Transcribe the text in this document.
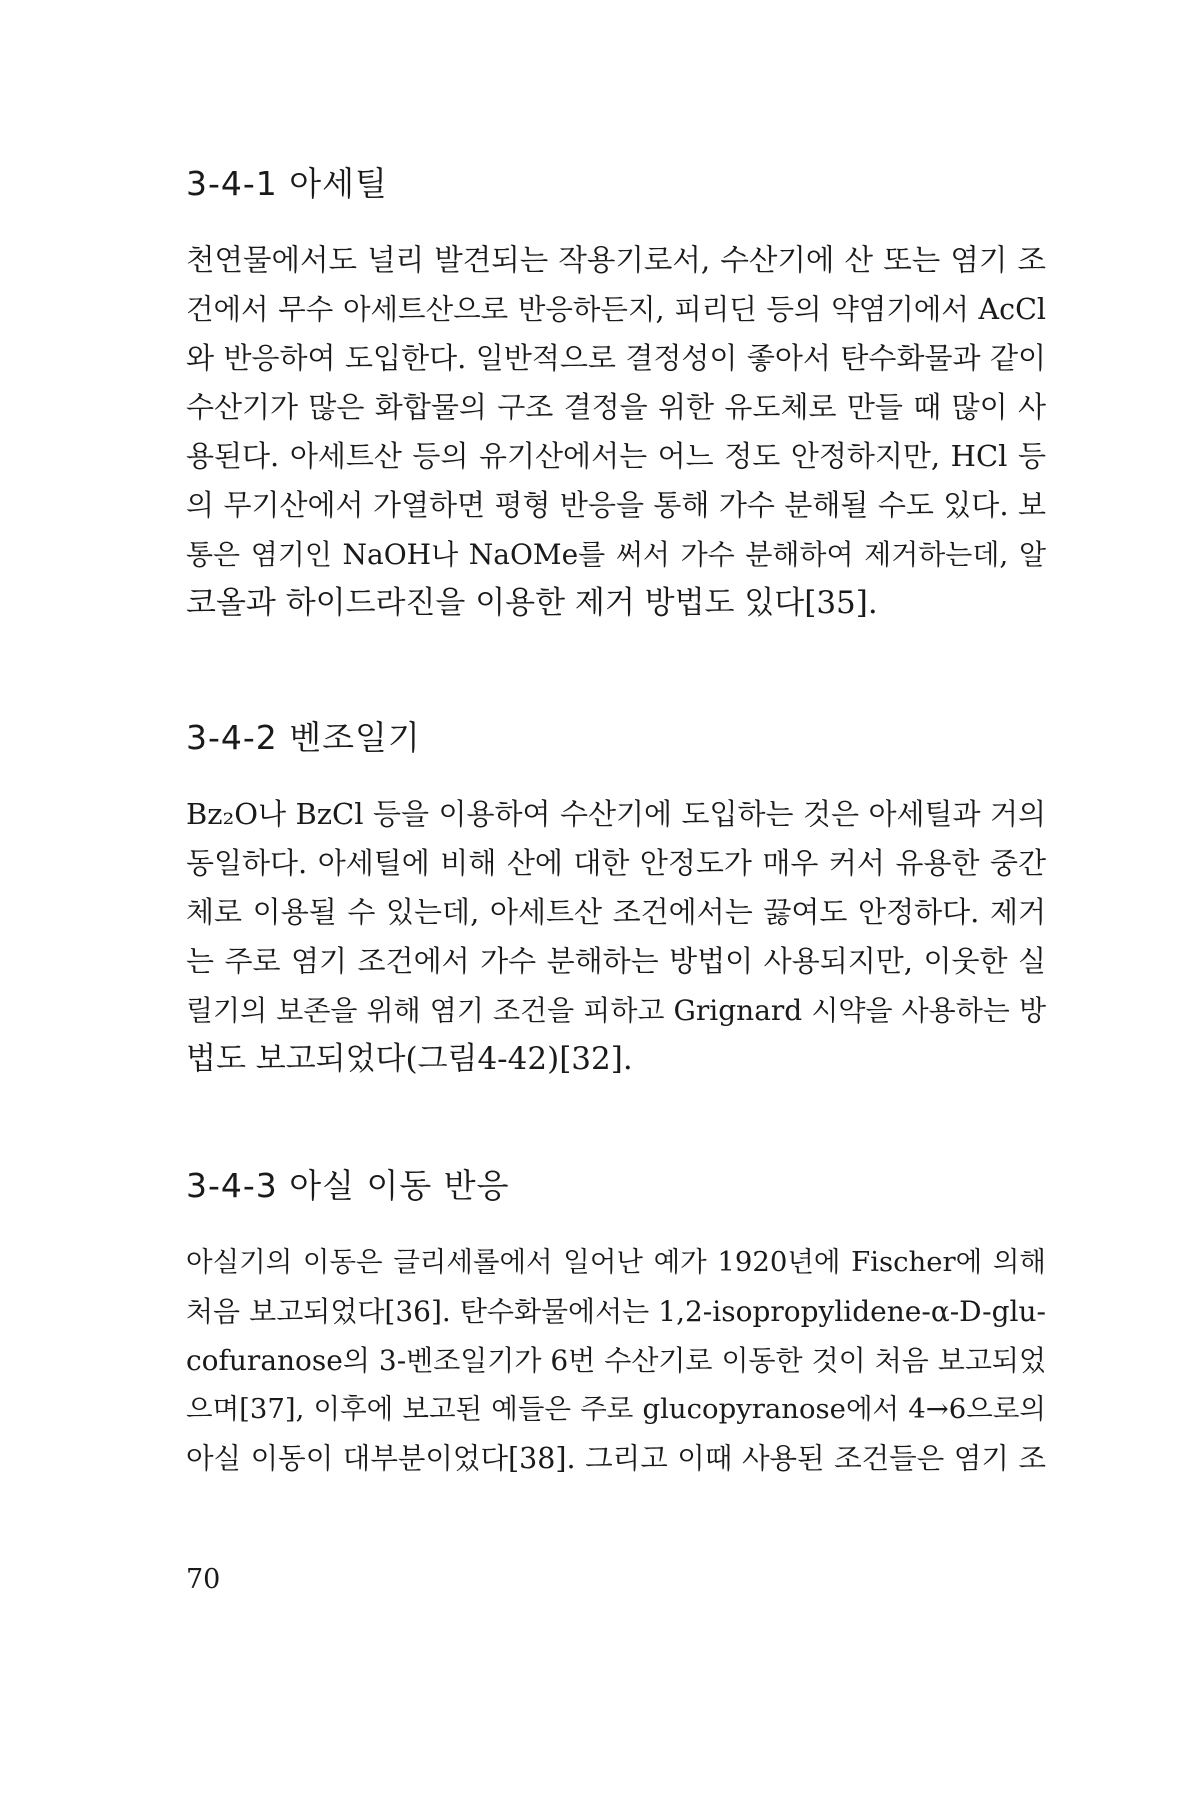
3-4-1 아세틸
천연물에서도 널리 발견되는 작용기로서, 수산기에 산 또는 염기 조
건에서 무수 아세트산으로 반응하든지, 피리딘 등의 약염기에서 AcCl
와 반응하여 도입한다. 일반적으로 결정성이 좋아서 탄수화물과 같이
수산기가 많은 화합물의 구조 결정을 위한 유도체로 만들 때 많이 사
용된다. 아세트산 등의 유기산에서는 어느 정도 안정하지만, HCl 등
의 무기산에서 가열하면 평형 반응을 통해 가수 분해될 수도 있다. 보
통은 염기인 NaOH나 NaOMe를 써서 가수 분해하여 제거하는데, 알
코올과 하이드라진을 이용한 제거 방법도 있다[35].
3-4-2 벤조일기
Bz₂O나 BzCl 등을 이용하여 수산기에 도입하는 것은 아세틸과 거의
동일하다. 아세틸에 비해 산에 대한 안정도가 매우 커서 유용한 중간
체로 이용될 수 있는데, 아세트산 조건에서는 끓여도 안정하다. 제거
는 주로 염기 조건에서 가수 분해하는 방법이 사용되지만, 이웃한 실
릴기의 보존을 위해 염기 조건을 피하고 Grignard 시약을 사용하는 방
법도 보고되었다(그림4-42)[32].
3-4-3 아실 이동 반응
아실기의 이동은 글리세롤에서 일어난 예가 1920년에 Fischer에 의해
처음 보고되었다[36]. 탄수화물에서는 1,2-isopropylidene-α-D-glu-
cofuranose의 3-벤조일기가 6번 수산기로 이동한 것이 처음 보고되었
으며[37], 이후에 보고된 예들은 주로 glucopyranose에서 4→6으로의
아실 이동이 대부분이었다[38]. 그리고 이때 사용된 조건들은 염기 조

70
